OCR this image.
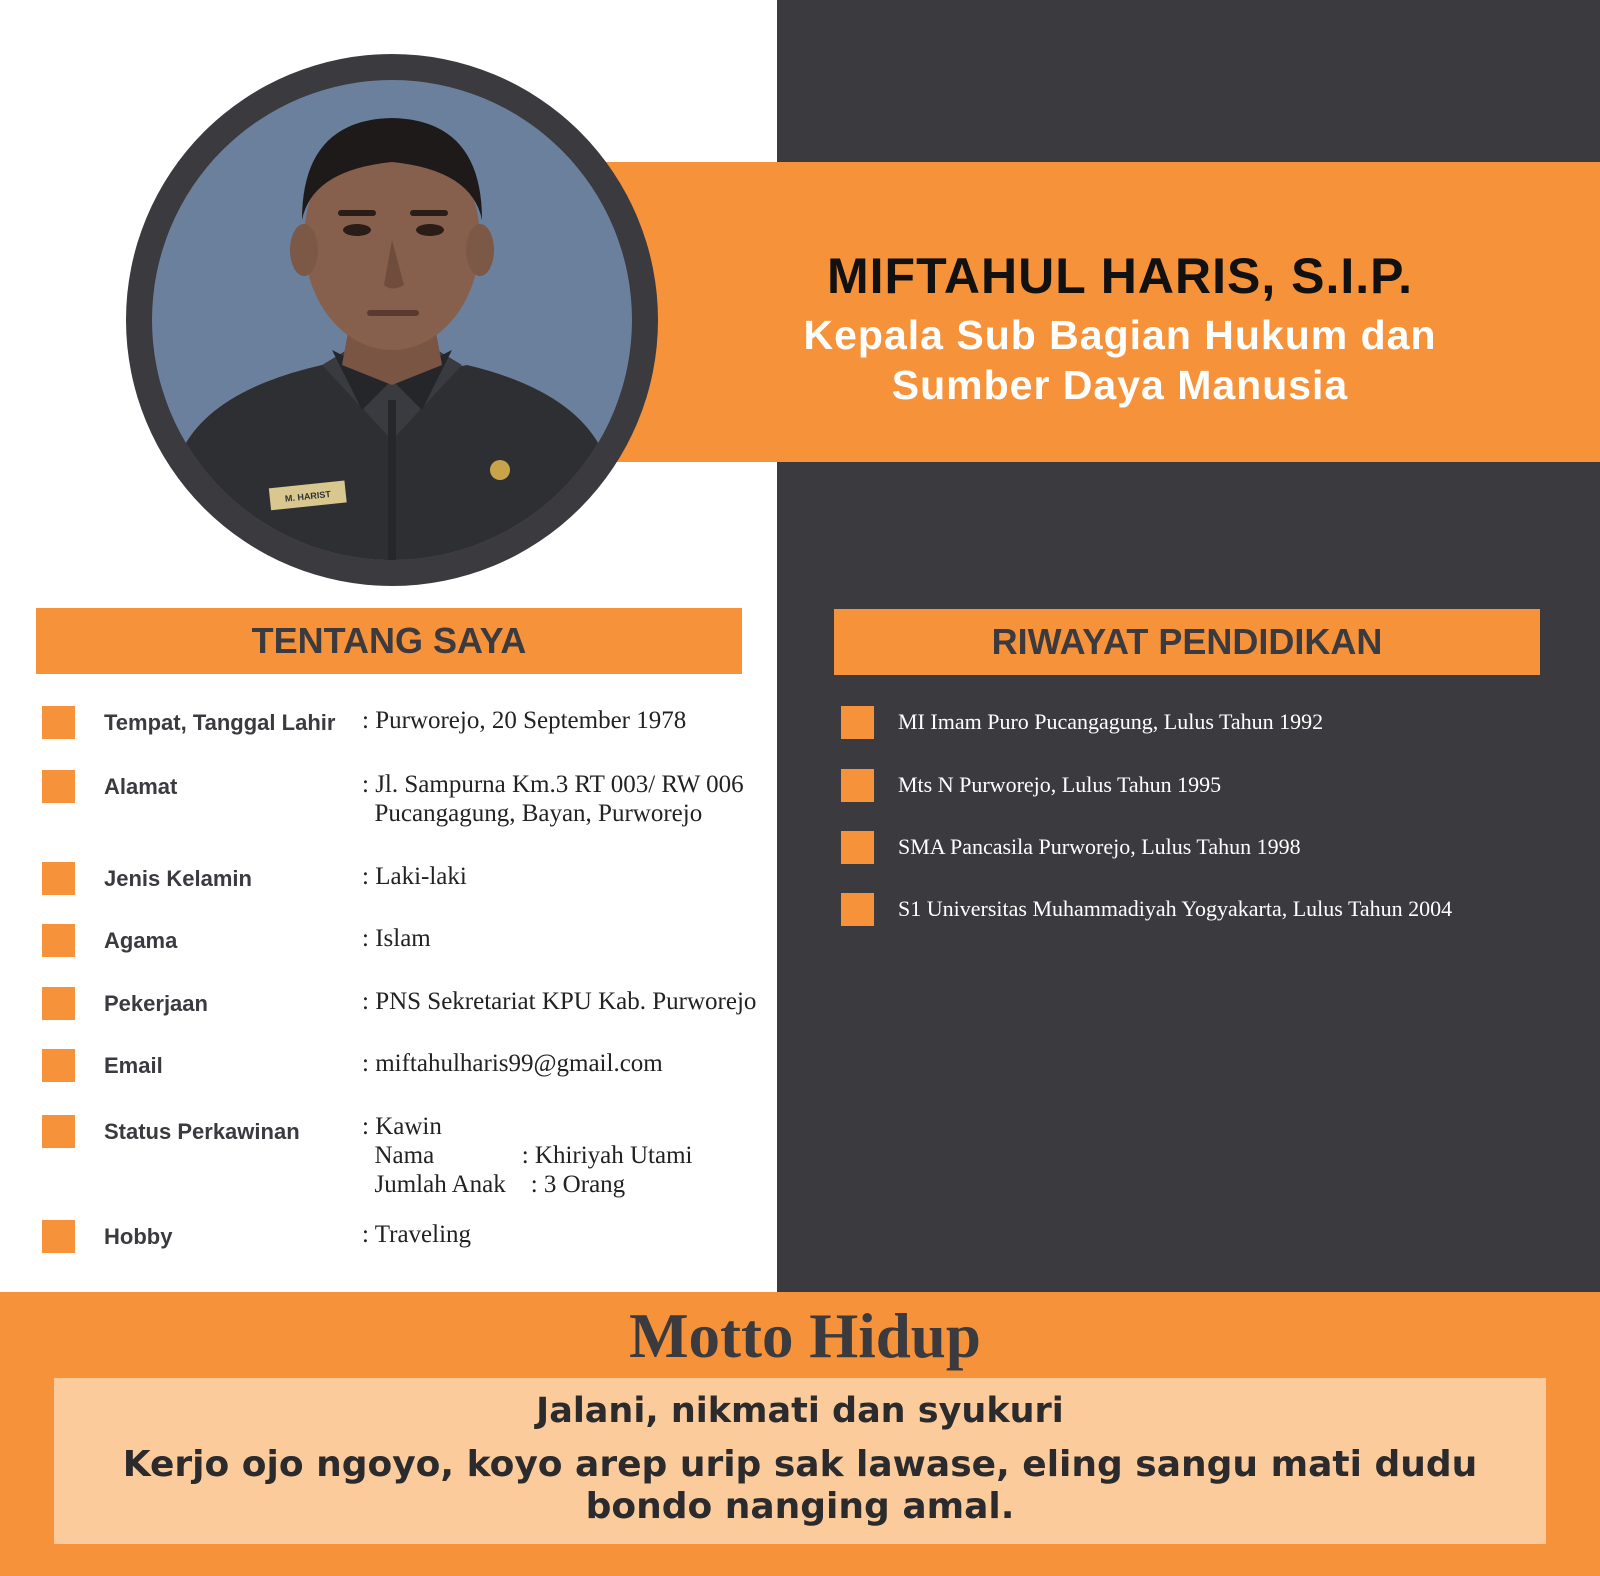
M. HARIST
MIFTAHUL HARIS, S.I.P.
Kepala Sub Bagian Hukum dan
Sumber Daya Manusia
TENTANG SAYA
Tempat, Tanggal Lahir : Purworejo, 20 September 1978
Alamat	: Jl. Sampurna Km.3 RT 003/ RW 006
Pucangagung, Bayan, Purworejo
Jenis Kelamin	: Laki-laki
Agama	: Islam
Pekerjaan	: PNS Sekretariat KPU Kab. Purworejo
Email	: miftahulharis99@gmail.com
Status Perkawinan : Kawin
Nama              : Khiriyah Utami
Jumlah Anak    : 3 Orang
Hobby	: Traveling
RIWAYAT PENDIDIKAN
MI Imam Puro Pucangagung, Lulus Tahun 1992
Mts N Purworejo, Lulus Tahun 1995
SMA Pancasila Purworejo, Lulus Tahun 1998
S1 Universitas Muhammadiyah Yogyakarta, Lulus Tahun 2004
Motto Hidup
Jalani, nikmati dan syukuri
Kerjo ojo ngoyo, koyo arep urip sak lawase, eling sangu mati dudu bondo nanging amal.
